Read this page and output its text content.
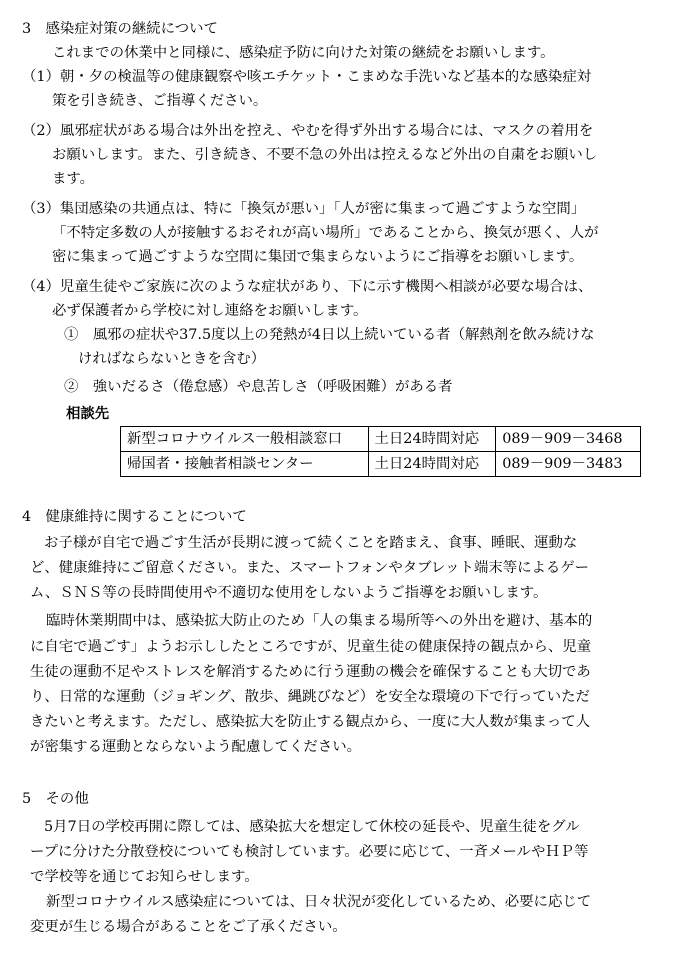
3　感染症対策の継続について
これまでの休業中と同様に、感染症予防に向けた対策の継続をお願いします。
（1）朝・夕の検温等の健康観察や咳エチケット・こまめな手洗いなど基本的な感染症対
策を引き続き、ご指導ください。
（2）風邪症状がある場合は外出を控え、やむを得ず外出する場合には、マスクの着用を
お願いします。また、引き続き、不要不急の外出は控えるなど外出の自粛をお願いし
ます。
（3）集団感染の共通点は、特に「換気が悪い」「人が密に集まって過ごすような空間」
「不特定多数の人が接触するおそれが高い場所」であることから、換気が悪く、人が
密に集まって過ごすような空間に集団で集まらないようにご指導をお願いします。
（4）児童生徒やご家族に次のような症状があり、下に示す機関へ相談が必要な場合は、
必ず保護者から学校に対し連絡をお願いします。
①　風邪の症状や37.5度以上の発熱が4日以上続いている者（解熱剤を飲み続けな
ければならないときを含む）
②　強いだるさ（倦怠感）や息苦しさ（呼吸困難）がある者
相談先
新型コロナウイルス一般相談窓口	土日24時間対応	089－909－3468
帰国者・接触者相談センター	土日24時間対応	089－909－3483
4　健康維持に関することについて
お子様が自宅で過ごす生活が長期に渡って続くことを踏まえ、食事、睡眠、運動な
ど、健康維持にご留意ください。また、スマートフォンやタブレット端末等によるゲー
ム、ＳＮＳ等の長時間使用や不適切な使用をしないようご指導をお願いします。
臨時休業期間中は、感染拡大防止のため「人の集まる場所等への外出を避け、基本的
に自宅で過ごす」ようお示ししたところですが、児童生徒の健康保持の観点から、児童
生徒の運動不足やストレスを解消するために行う運動の機会を確保することも大切であ
り、日常的な運動（ジョギング、散歩、縄跳びなど）を安全な環境の下で行っていただ
きたいと考えます。ただし、感染拡大を防止する観点から、一度に大人数が集まって人
が密集する運動とならないよう配慮してください。
5　その他
5月7日の学校再開に際しては、感染拡大を想定して休校の延長や、児童生徒をグル
ープに分けた分散登校についても検討しています。必要に応じて、一斉メールやＨＰ等
で学校等を通じてお知らせします。
新型コロナウイルス感染症については、日々状況が変化しているため、必要に応じて
変更が生じる場合があることをご了承ください。
